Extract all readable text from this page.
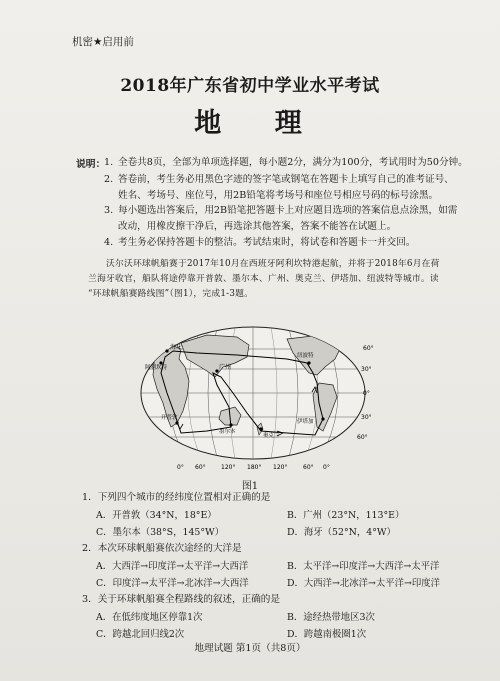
机密★启用前
2018年广东省初中学业水平考试
地 理
说明：
1. 全卷共8页，全部为单项选择题，每小题2分，满分为100分，考试用时为50分钟。
2. 答卷前，考生务必用黑色字迹的签字笔或钢笔在答题卡上填写自己的准考证号、
姓名、考场号、座位号，用2B铅笔将考场号和座位号相应号码的标号涂黑。
3. 每小题选出答案后，用2B铅笔把答题卡上对应题目选项的答案信息点涂黑，如需
改动，用橡皮擦干净后，再选涂其他答案，答案不能答在试题上。
4. 考生务必保持答题卡的整洁。考试结束时，将试卷和答题卡一并交回。
沃尔沃环球帆船赛于2017年10月在西班牙阿利坎特港起航，并将于2018年6月在荷
兰海牙收官，船队将途停靠开普敦、墨尔本、广州、奥克兰、伊塔加、纽波特等城市。读
“环球帆船赛路线图”（图1），完成1-3题。
海牙
广州
开普敦
墨尔本
奥克兰
纽波特
伊塔加
阿利坎特
60°
30°
0°
30°
60°
0° 60°	120° 180° 120°	60° 0°
图1
1．下列四个城市的经纬度位置相对正确的是
A．开普敦（34°N，18°E）	B．广州（23°N，113°E）
C．墨尔本（38°S，145°W）	D．海牙（52°N，4°W）
2．本次环球帆船赛依次途经的大洋是
A．大西洋→印度洋→太平洋→大西洋	B．太平洋→印度洋→大西洋→太平洋
C．印度洋→太平洋→北冰洋→大西洋	D．大西洋→北冰洋→太平洋→印度洋
3．关于环球帆船赛全程路线的叙述，正确的是
A．在低纬度地区停靠1次	B．途经热带地区3次
C．跨越北回归线2次	D．跨越南极圈1次
地理试题 第1页（共8页）
